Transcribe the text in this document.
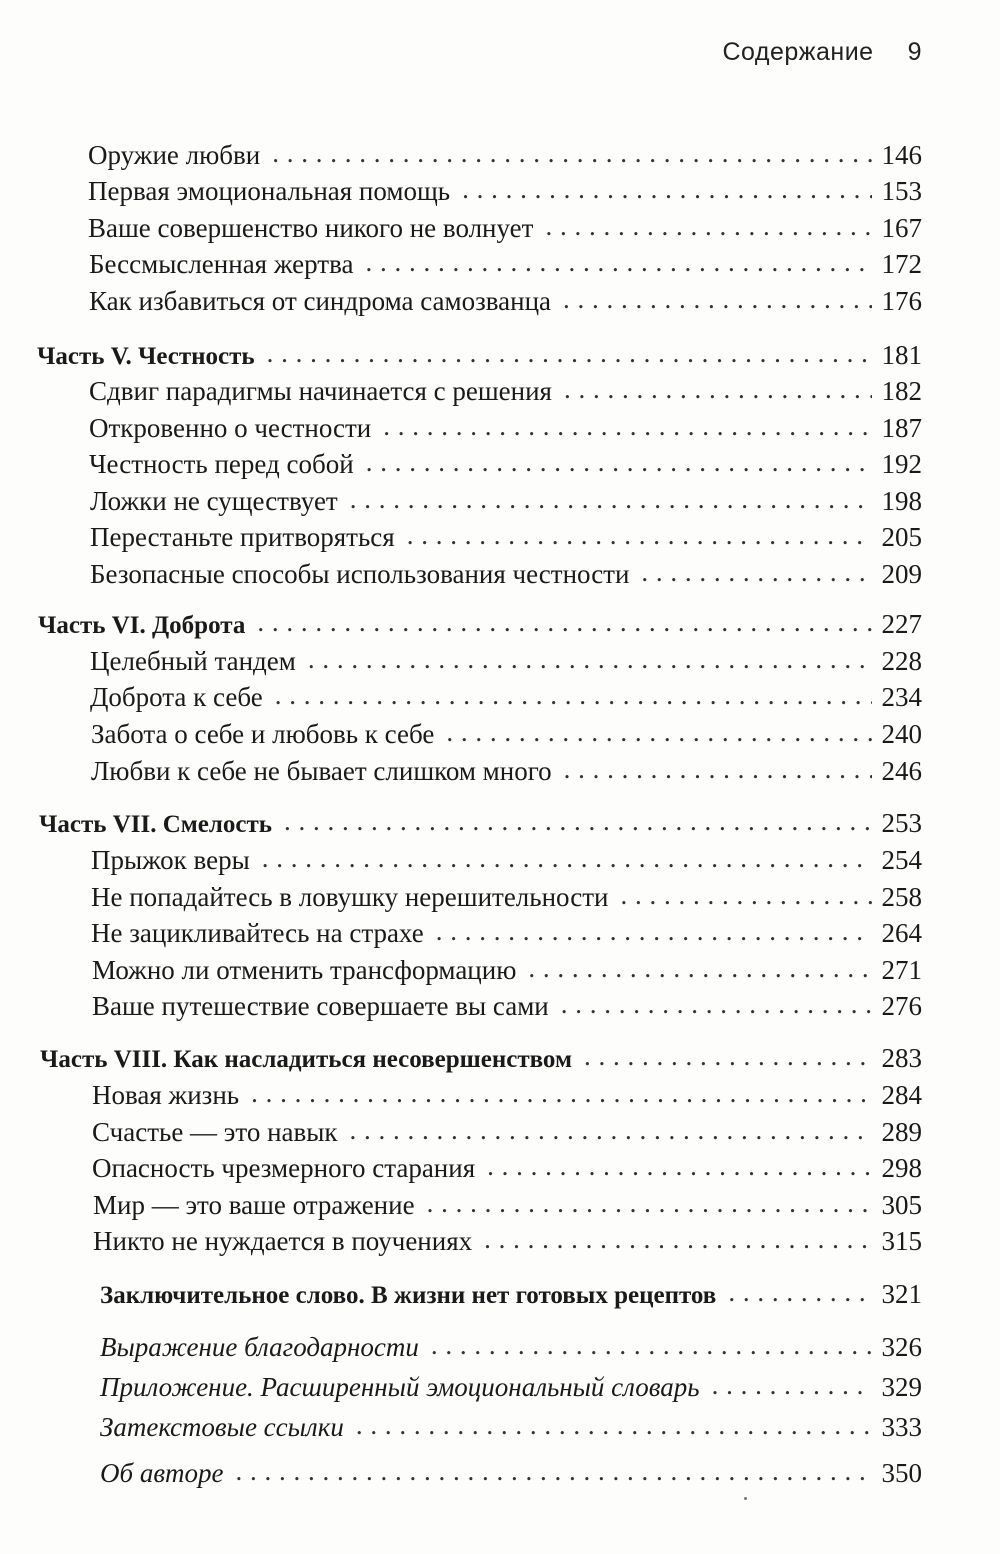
Содержание 9
Оружие любви . . .	146
Первая эмоциональная помощь . . .	153
Ваше совершенство никого не волнует . . .	167
Бессмысленная жертва . . .	172
Как избавиться от синдрома самозванца . . .	176
Часть V. Честность . . .	181
Сдвиг парадигмы начинается с решения . . .	182
Откровенно о честности . . .	187
Честность перед собой . . .	192
Ложки не существует . . .	198
Перестаньте притворяться . . .	205
Безопасные способы использования честности . . .	209
Часть VI. Доброта . . .	227
Целебный тандем . . .	228
Доброта к себе . . .	234
Забота о себе и любовь к себе . . .	240
Любви к себе не бывает слишком много . . .	246
Часть VII. Смелость . . .	253
Прыжок веры . . .	254
Не попадайтесь в ловушку нерешительности . . .	258
Не зацикливайтесь на страхе . . .	264
Можно ли отменить трансформацию . . .	271
Ваше путешествие совершаете вы сами . . .	276
Часть VIII. Как насладиться несовершенством . . .	283
Новая жизнь . . .	284
Счастье — это навык . . .	289
Опасность чрезмерного старания . . .	298
Мир — это ваше отражение . . .	305
Никто не нуждается в поучениях . . .	315
Заключительное слово. В жизни нет готовых рецептов . . .	321
Выражение благодарности . . .	326
Приложение. Расширенный эмоциональный словарь . . .	329
Затекстовые ссылки . . .	333
Об авторе . . .	350
